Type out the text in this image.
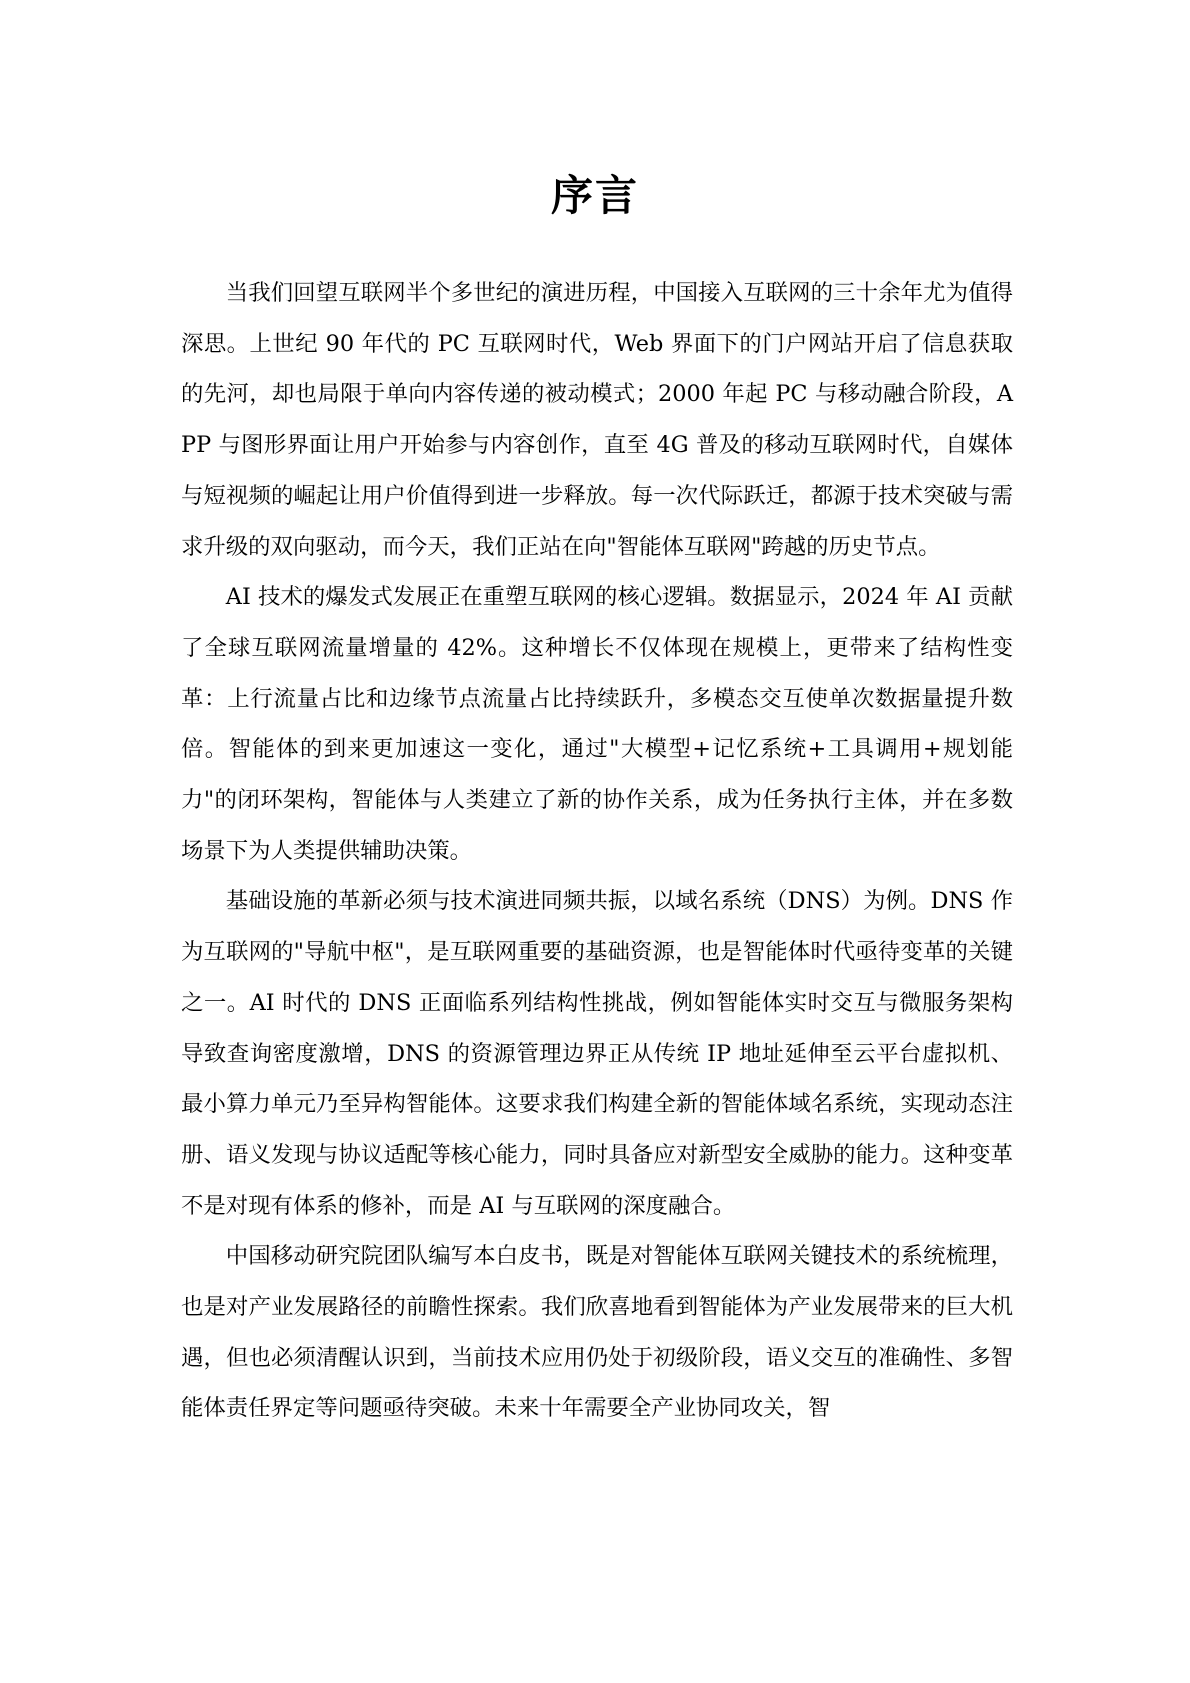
序言

当我们回望互联网半个多世纪的演进历程，中国接入互联网的三十余年尤为值得深思。上世纪 90 年代的 PC 互联网时代，Web 界面下的门户网站开启了信息获取的先河，却也局限于单向内容传递的被动模式；2000 年起 PC 与移动融合阶段，APP 与图形界面让用户开始参与内容创作，直至 4G 普及的移动互联网时代，自媒体与短视频的崛起让用户价值得到进一步释放。每一次代际跃迁，都源于技术突破与需求升级的双向驱动，而今天，我们正站在向"智能体互联网"跨越的历史节点。

AI 技术的爆发式发展正在重塑互联网的核心逻辑。数据显示，2024 年 AI 贡献了全球互联网流量增量的 42%。这种增长不仅体现在规模上，更带来了结构性变革：上行流量占比和边缘节点流量占比持续跃升，多模态交互使单次数据量提升数倍。智能体的到来更加速这一变化，通过"大模型+记忆系统+工具调用+规划能力"的闭环架构，智能体与人类建立了新的协作关系，成为任务执行主体，并在多数场景下为人类提供辅助决策。

基础设施的革新必须与技术演进同频共振，以域名系统（DNS）为例。DNS 作为互联网的"导航中枢"，是互联网重要的基础资源，也是智能体时代亟待变革的关键之一。AI 时代的 DNS 正面临系列结构性挑战，例如智能体实时交互与微服务架构导致查询密度激增，DNS 的资源管理边界正从传统 IP 地址延伸至云平台虚拟机、最小算力单元乃至异构智能体。这要求我们构建全新的智能体域名系统，实现动态注册、语义发现与协议适配等核心能力，同时具备应对新型安全威胁的能力。这种变革不是对现有体系的修补，而是 AI 与互联网的深度融合。

中国移动研究院团队编写本白皮书，既是对智能体互联网关键技术的系统梳理，也是对产业发展路径的前瞻性探索。我们欣喜地看到智能体为产业发展带来的巨大机遇，但也必须清醒认识到，当前技术应用仍处于初级阶段，语义交互的准确性、多智能体责任界定等问题亟待突破。未来十年需要全产业协同攻关，智
